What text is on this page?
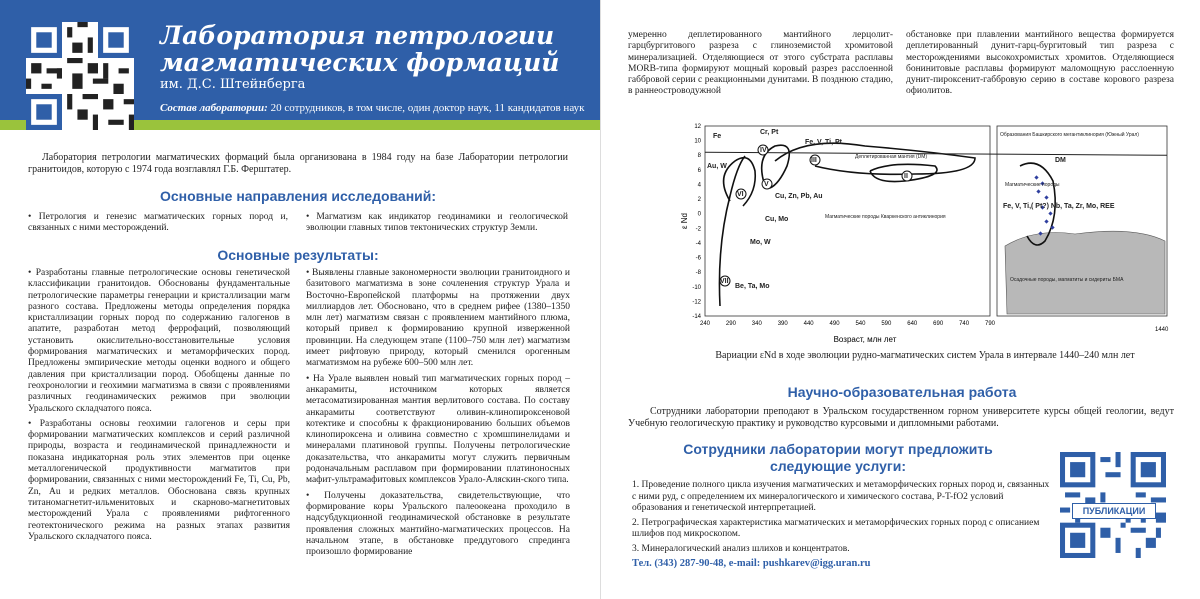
Лаборатория петрологии
магматических формаций
им. Д.С. Штейнберга
Состав лаборатории: 20 сотрудников, в том числе, один доктор наук, 11 кандидатов наук

Лаборатория петрологии магматических формаций была организована в 1984 году на базе Лаборатории петрологии гранитоидов, которую с 1974 года возглавлял Г.Б. Ферштатер.

Основные направления исследований:
• Петрология и генезис магматических горных пород и, связанных с ними месторождений.
• Магматизм как индикатор геодинамики и геологической эволюции главных типов тектонических структур Земли.
Основные результаты:

• Разработаны главные петрологические основы генетической классификации гранитоидов. Обоснованы фундаментальные петрологические параметры генерации и кристаллизации магм разного состава. Предложены методы определения порядка кристаллизации горных пород по содержанию галогенов в апатите, разработан метод феррофаций, позволяющий установить окислительно-восстановительные условия формирования магматических и метаморфических пород. Предложены эмпирические методы оценки водного и общего давления при кристаллизации пород. Обобщены данные по геохронологии и геохимии магматизма в связи с проявлениями различных геодинамических режимов при эволюции Уральского складчатого пояса.

• Разработаны основы геохимии галогенов и серы при формировании магматических комплексов и серий различной природы, возраста и геодинамической принадлежности и показана индикаторная роль этих элементов при оценке металлогенической продуктивности магматитов при формировании, связанных с ними месторождений Fe, Ti, Cu, Pb, Zn, Au и редких металлов. Обоснована связь крупных титаномагнетит-ильменитовых и скарново-магнетитовых месторождений Урала с проявлениями рифтогенного геотектонического режима на разных этапах развития Уральского складчатого пояса.

• Выявлены главные закономерности эволюции гранитоидного и базитового магматизма в зоне сочленения структур Урала и Восточно-Европейской платформы на протяжении двух миллиардов лет. Обосновано, что в среднем рифее (1380–1350 млн лет) магматизм связан с проявлением мантийного плюма, который привел к формированию крупной изверженной провинции. На следующем этапе (1100–750 млн лет) магматизм имеет рифтовую природу, который сменился орогенным магматизмом на рубеже 600–500 млн лет.

• На Урале выявлен новый тип магматических горных пород – анкарамиты, источником которых является метасоматизированная мантия верлитового состава. По составу анкарамиты соответствуют оливин-клинопироксеновой котектике и способны к фракционированию больших объемов клинопироксена и оливина совместно с хромшпинелидами и минералами платиновой группы. Получены петрологические доказательства, что анкарамиты могут служить первичным родоначальным расплавом при формировании платиноносных мафит-ультрамафитовых комплексов Урало-Аляскин-ского типа.

• Получены доказательства, свидетельствующие, что формирование коры Уральского палеоокеана проходило в надсубдукционной геодинамической обстановке в результате проявления сложных мантийно-магматических процессов. На начальном этапе, в обстановке преддугового спрединга произошло формирование

умеренно деплетированного мантийного лерцолит-гарцбургитового разреза с глиноземистой хромитовой минерализацией. Отделяющиеся от этого субстрата расплавы MORB-типа формируют мощный коровый разрез расслоенной габбровой серии с реакционными дунитами. В позднюю стадию, в раннеостроводужной
обстановке при плавлении мантийного вещества формируется деплетированный дунит-гарц-бургитовый тип разреза с месторождениями высокохромистых хромитов. Отделяющиеся бонинитовые расплавы формируют маломощную расслоенную дунит-пироксенит-габбровую серию в составе корового разреза офиолитов.
240	290	340	390	440	490	540	590	640	690	740	790
1440
12
10
8
6
4
2
0
-2
-4
-6
-8
-10
-12
-14
Возраст, млн лет
ε Nd
Fe
Cr, Pt
Au, W
Fe, V, Ti, Pt
Деплетированная мантия (DM)
Cu, Zn, Pb, Au
Cu, Mo
Mo, W
Be, Ta, Mo
Магматические породы Кваркенского антиклинория
Образования Башкирского мегантиклинория (Южный Урал)
Магматические породы
Fe, V, Ti,( Pt?) Nb, Ta, Zr, Mo, REE
Осадочные породы, магматиты и сидериты БМА
DM
IV
III
II
V
VI
VII
Вариации εNd в ходе эволюции рудно-магматических систем Урала в интервале 1440–240 млн лет
Научно-образовательная работа

Сотрудники лаборатории преподают в Уральском государственном горном университете курсы общей геологии, ведут Учебную геологическую практику и руководство курсовыми и дипломными работами.

Сотрудники лаборатории могут предложить
следующие услуги:
1. Проведение полного цикла изучения магматических и метаморфических горных пород и, связанных с ними руд, с определением их минералогического и химического состава, P-T-fO2 условий образования и генетической интерпретацией.
2. Петрографическая характеристика магматических и метаморфических горных пород с описанием шлифов под микроскопом.
3. Минералогический анализ шлихов и концентратов.
Тел. (343) 287-90-48, e-mail: pushkarev@igg.uran.ru
ПУБЛИКАЦИИ
